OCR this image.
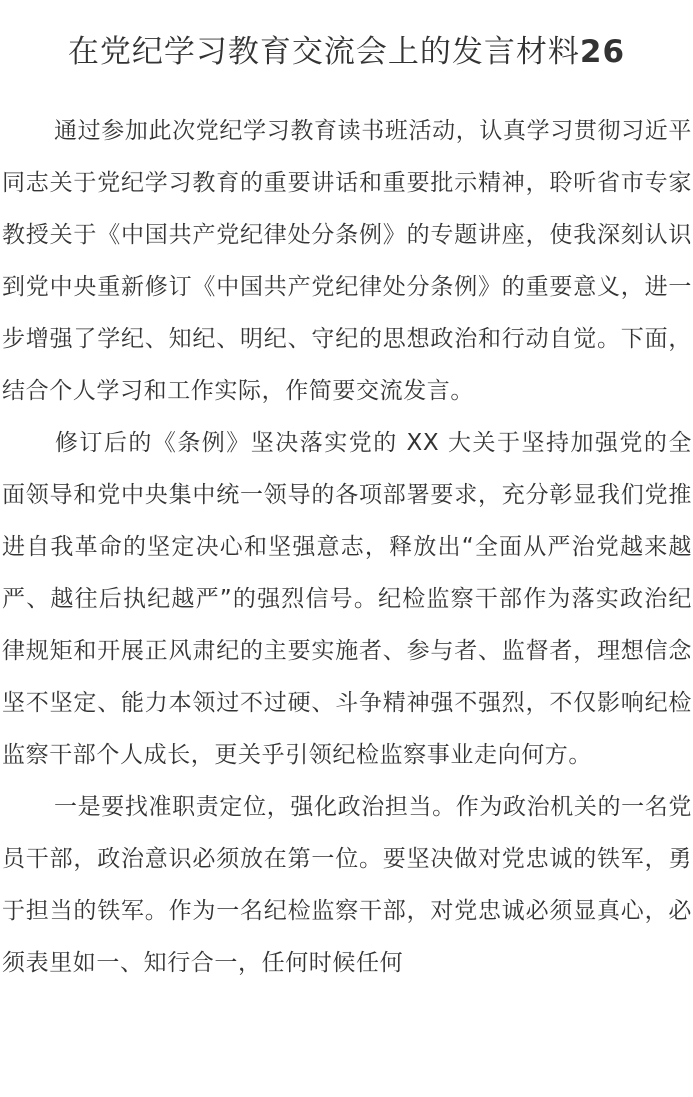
在党纪学习教育交流会上的发言材料26

通过参加此次党纪学习教育读书班活动，认真学习贯彻习近平同志关于党纪学习教育的重要讲话和重要批示精神，聆听省市专家教授关于《中国共产党纪律处分条例》的专题讲座，使我深刻认识到党中央重新修订《中国共产党纪律处分条例》的重要意义，进一步增强了学纪、知纪、明纪、守纪的思想政治和行动自觉。下面，结合个人学习和工作实际，作简要交流发言。

修订后的《条例》坚决落实党的 XX 大关于坚持加强党的全面领导和党中央集中统一领导的各项部署要求，充分彰显我们党推进自我革命的坚定决心和坚强意志，释放出“全面从严治党越来越严、越往后执纪越严”的强烈信号。纪检监察干部作为落实政治纪律规矩和开展正风肃纪的主要实施者、参与者、监督者，理想信念坚不坚定、能力本领过不过硬、斗争精神强不强烈，不仅影响纪检监察干部个人成长，更关乎引领纪检监察事业走向何方。

一是要找准职责定位，强化政治担当。作为政治机关的一名党员干部，政治意识必须放在第一位。要坚决做对党忠诚的铁军，勇于担当的铁军。作为一名纪检监察干部，对党忠诚必须显真心，必须表里如一、知行合一，任何时候任何
